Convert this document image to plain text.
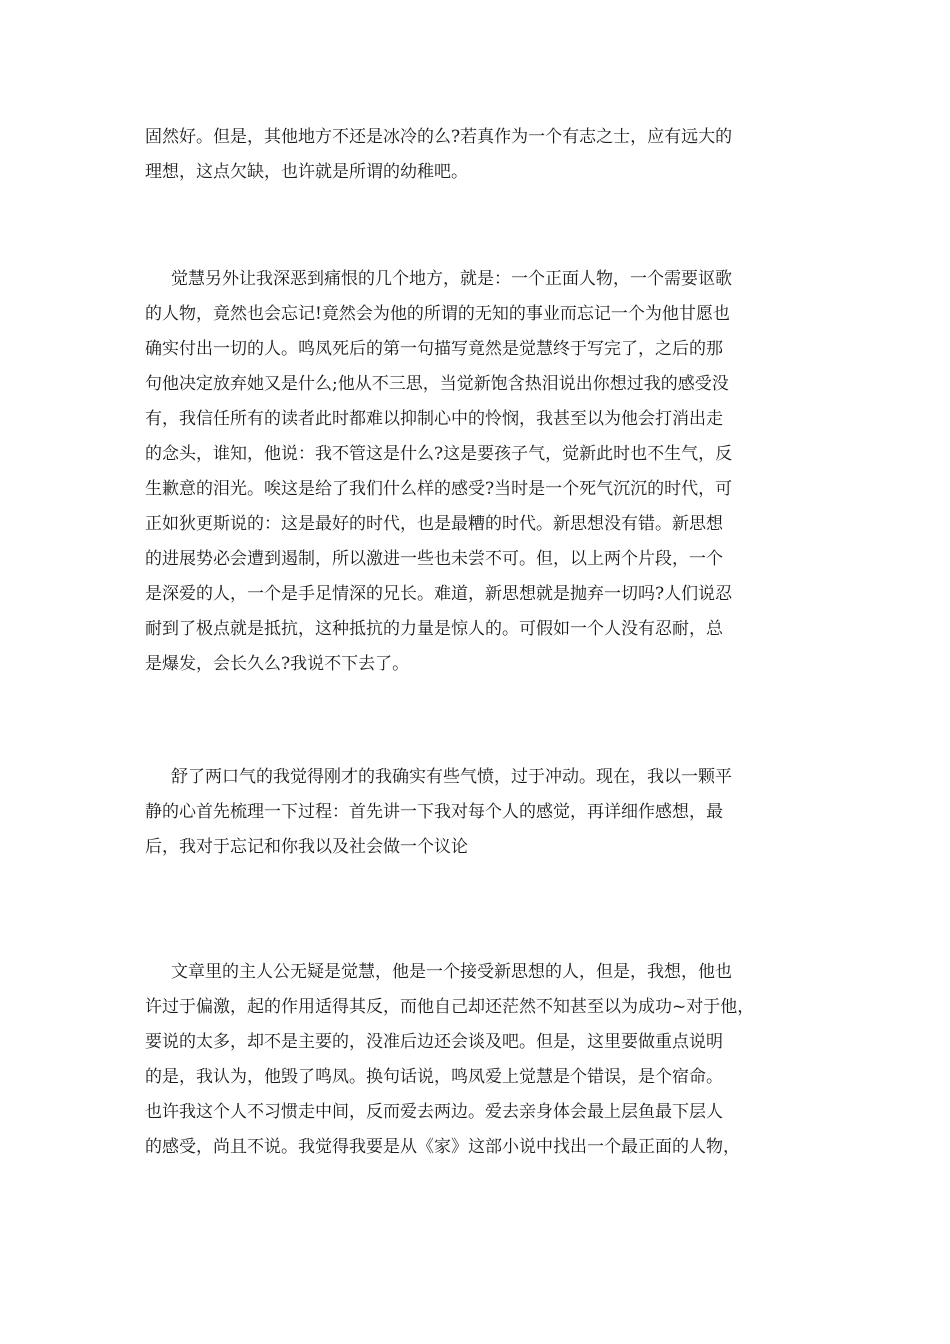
固然好。但是，其他地方不还是冰冷的么?若真作为一个有志之士，应有远大的
理想，这点欠缺，也许就是所谓的幼稚吧。
觉慧另外让我深恶到痛恨的几个地方，就是：一个正面人物，一个需要讴歌
的人物，竟然也会忘记!竟然会为他的所谓的无知的事业而忘记一个为他甘愿也
确实付出一切的人。鸣凤死后的第一句描写竟然是觉慧终于写完了，之后的那
句他决定放弃她又是什么;他从不三思，当觉新饱含热泪说出你想过我的感受没
有，我信任所有的读者此时都难以抑制心中的怜悯，我甚至以为他会打消出走
的念头，谁知，他说：我不管这是什么?这是要孩子气，觉新此时也不生气，反
生歉意的泪光。唉这是给了我们什么样的感受?当时是一个死气沉沉的时代，可
正如狄更斯说的：这是最好的时代，也是最糟的时代。新思想没有错。新思想
的进展势必会遭到遏制，所以激进一些也未尝不可。但，以上两个片段，一个
是深爱的人，一个是手足情深的兄长。难道，新思想就是抛弃一切吗?人们说忍
耐到了极点就是抵抗，这种抵抗的力量是惊人的。可假如一个人没有忍耐，总
是爆发，会长久么?我说不下去了。
舒了两口气的我觉得刚才的我确实有些气愤，过于冲动。现在，我以一颗平
静的心首先梳理一下过程：首先讲一下我对每个人的感觉，再详细作感想，最
后，我对于忘记和你我以及社会做一个议论
文章里的主人公无疑是觉慧，他是一个接受新思想的人，但是，我想，他也
许过于偏激，起的作用适得其反，而他自己却还茫然不知甚至以为成功~对于他，
要说的太多，却不是主要的，没准后边还会谈及吧。但是，这里要做重点说明
的是，我认为，他毁了鸣凤。换句话说，鸣凤爱上觉慧是个错误，是个宿命。
也许我这个人不习惯走中间，反而爱去两边。爱去亲身体会最上层鱼最下层人
的感受，尚且不说。我觉得我要是从《家》这部小说中找出一个最正面的人物，
